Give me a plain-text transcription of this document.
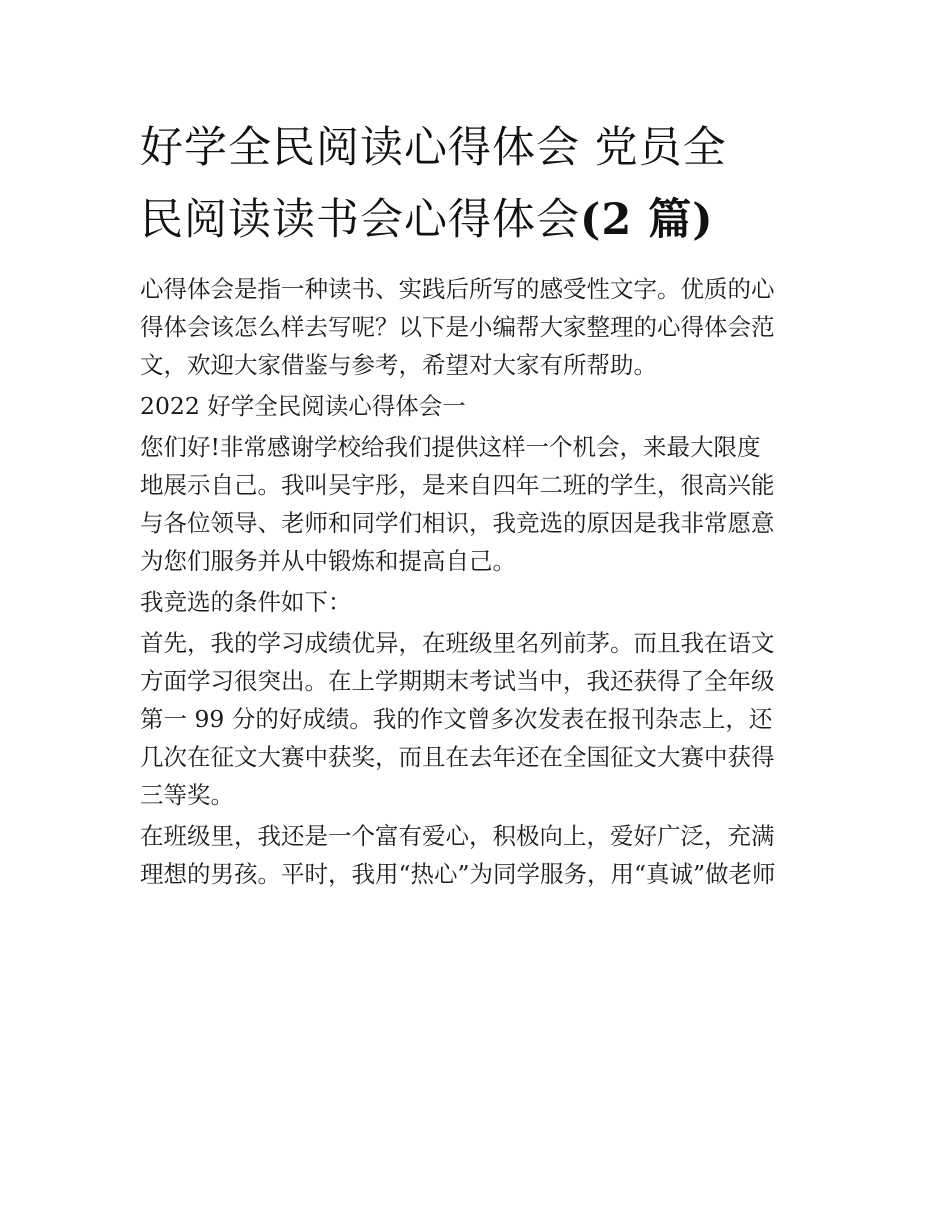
好学全民阅读心得体会 党员全
民阅读读书会心得体会(2 篇)

心得体会是指一种读书、实践后所写的感受性文字。优质的心
得体会该怎么样去写呢？以下是小编帮大家整理的心得体会范
文，欢迎大家借鉴与参考，希望对大家有所帮助。

2022 好学全民阅读心得体会一

您们好!非常感谢学校给我们提供这样一个机会，来最大限度
地展示自己。我叫吴宇彤，是来自四年二班的学生，很高兴能
与各位领导、老师和同学们相识，我竞选的原因是我非常愿意
为您们服务并从中锻炼和提高自己。

我竞选的条件如下：

首先，我的学习成绩优异，在班级里名列前茅。而且我在语文
方面学习很突出。在上学期期末考试当中，我还获得了全年级
第一 99 分的好成绩。我的作文曾多次发表在报刊杂志上，还
几次在征文大赛中获奖，而且在去年还在全国征文大赛中获得
三等奖。

在班级里，我还是一个富有爱心，积极向上，爱好广泛，充满
理想的男孩。平时，我用“热心”为同学服务，用“真诚”做老师
